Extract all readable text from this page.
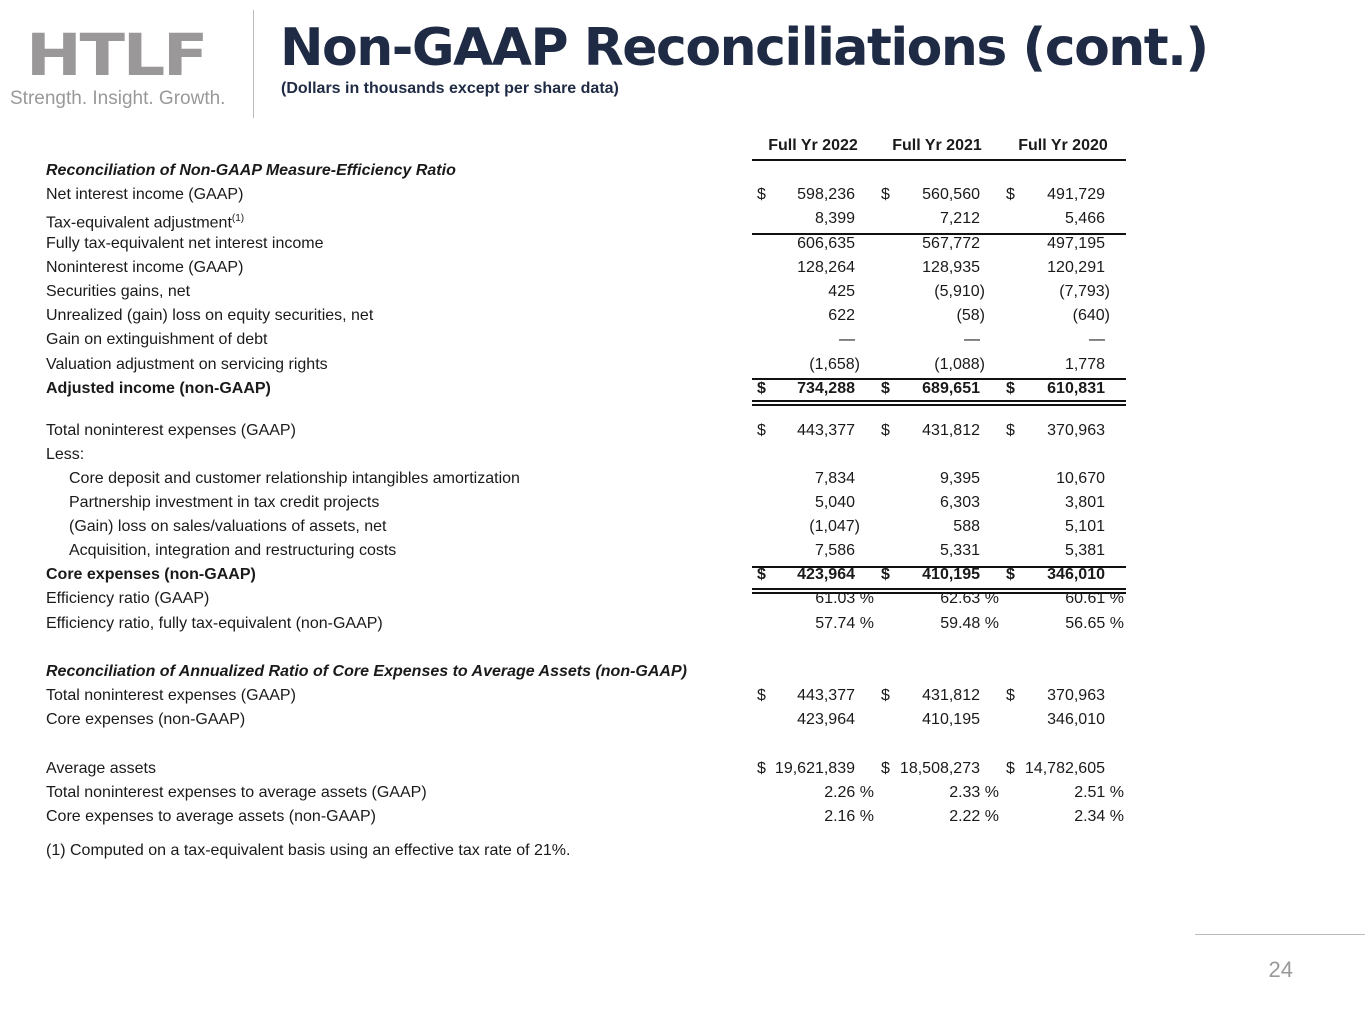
HTLF
Strength. Insight. Growth.
Non-GAAP Reconciliations (cont.)
(Dollars in thousands except per share data)
Full Yr 2022	Full Yr 2021	Full Yr 2020
Reconciliation of Non-GAAP Measure-Efficiency Ratio
Net interest income (GAAP)	$	598,236 $	560,560 $	491,729
Tax-equivalent adjustment$^{(1)}$	8,399	7,212	5,466
Fully tax-equivalent net interest income	606,635	567,772	497,195
Noninterest income (GAAP)	128,264	128,935	120,291
Securities gains, net	425	(5,910)	(7,793)
Unrealized (gain) loss on equity securities, net	622	(58)	(640)
Gain on extinguishment of debt	—	—	—
Valuation adjustment on servicing rights	(1,658)	(1,088)	1,778
Adjusted income (non-GAAP)	$	734,288 $	689,651 $	610,831
Total noninterest expenses (GAAP)	$	443,377 $	431,812 $	370,963
Less:
Core deposit and customer relationship intangibles amortization	7,834	9,395	10,670
Partnership investment in tax credit projects	5,040	6,303	3,801
(Gain) loss on sales/valuations of assets, net	(1,047)	588	5,101
Acquisition, integration and restructuring costs	7,586	5,331	5,381
Core expenses (non-GAAP)	$	423,964 $	410,195 $	346,010
Efficiency ratio (GAAP)	61.03 %	62.63 %	60.61 %
Efficiency ratio, fully tax-equivalent (non-GAAP)	57.74 %	59.48 %	56.65 %
Reconciliation of Annualized Ratio of Core Expenses to Average Assets (non-GAAP)
Total noninterest expenses (GAAP)	$	443,377 $	431,812 $	370,963
Core expenses (non-GAAP)	423,964	410,195	346,010
Average assets	$ 19,621,839 $ 18,508,273 $ 14,782,605
Total noninterest expenses to average assets (GAAP)	2.26 %	2.33 %	2.51 %
Core expenses to average assets (non-GAAP)	2.16 %	2.22 %	2.34 %
(1) Computed on a tax-equivalent basis using an effective tax rate of 21%.
24
